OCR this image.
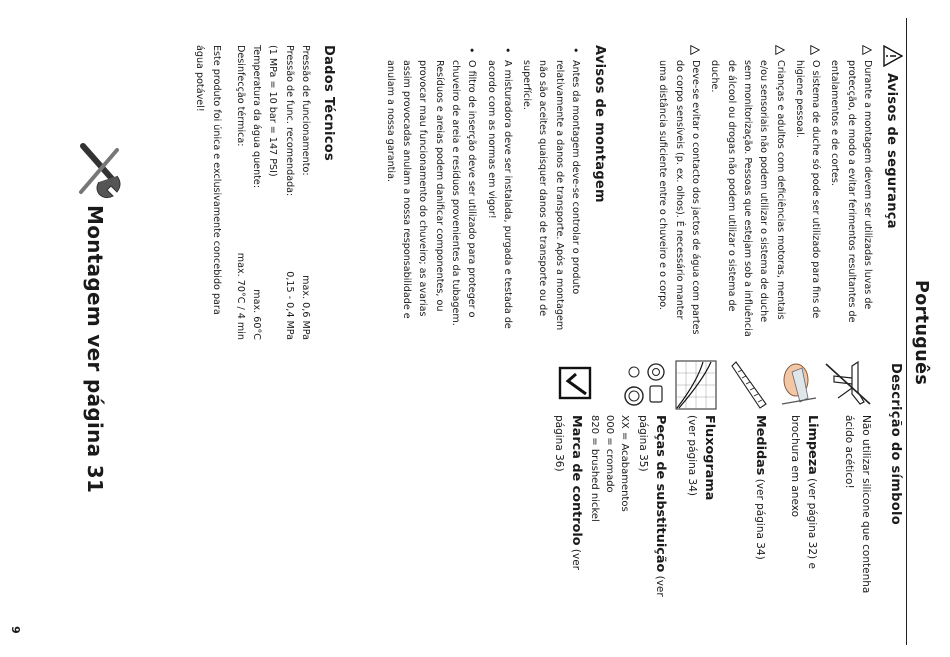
Português
Avisos de segurança
Durante a montagem devem ser utilizadas luvas de protecção, de modo a evitar ferimentos resultantes de entalamentos e de cortes.
O sistema de duche só pode ser utilizado para fins de higiene pessoal.
Crianças e adultos com deficiências motoras, mentais e/ou sensoriais não podem utilizar o sistema de duche sem monitorização. Pessoas que estejam sob a influência de álcool ou drogas não podem utilizar o sistema de duche.
Deve-se evitar o contacto dos jactos de água com partes do corpo sensíveis (p. ex. olhos). É necessário manter uma distância suficiente entre o chuveiro e o corpo.
Avisos de montagem
•
Antes da montagem deve-se controlar o produto relativamente a danos de transporte. Após a montagem não são aceites quaisquer danos de transporte ou de superfície.
•
A misturadora deve ser instalada, purgada e testada de acordo com as normas em vigor!
•
O filtro de inserção deve ser utilizado para proteger o chuveiro de areia e resíduos provenientes da tubagem. Resíduos e areias podem danificar componentes, ou provocar mau funcionamento do chuveiro; as avarias assim provocadas anulam a nossa responsabilidade e anulam a nossa garantia.
Dados Técnicos
Pressão de funcionamento:
max. 0,6 MPa
Pressão de func. recomendada:
0,15 - 0,4 MPa
(1 MPa = 10 bar = 147 PSI)
Temperatura da água quente:
max. 60°C
Desinfecção térmica:
max. 70°C / 4 min

Este produto foi única e exclusivamente concebido para água potável!

Descrição do símbolo
Não utilizar silicone que contenha ácido acético!
Limpeza (ver página 32) e brochura em anexo
Medidas (ver página 34)
Fluxograma
(ver página 34)
Peças de substituição (ver página 35)
XX = Acabamentos
000 = cromado
820 = brushed nickel
Marca de controlo (ver página 36)
Montagem ver página 31
9
